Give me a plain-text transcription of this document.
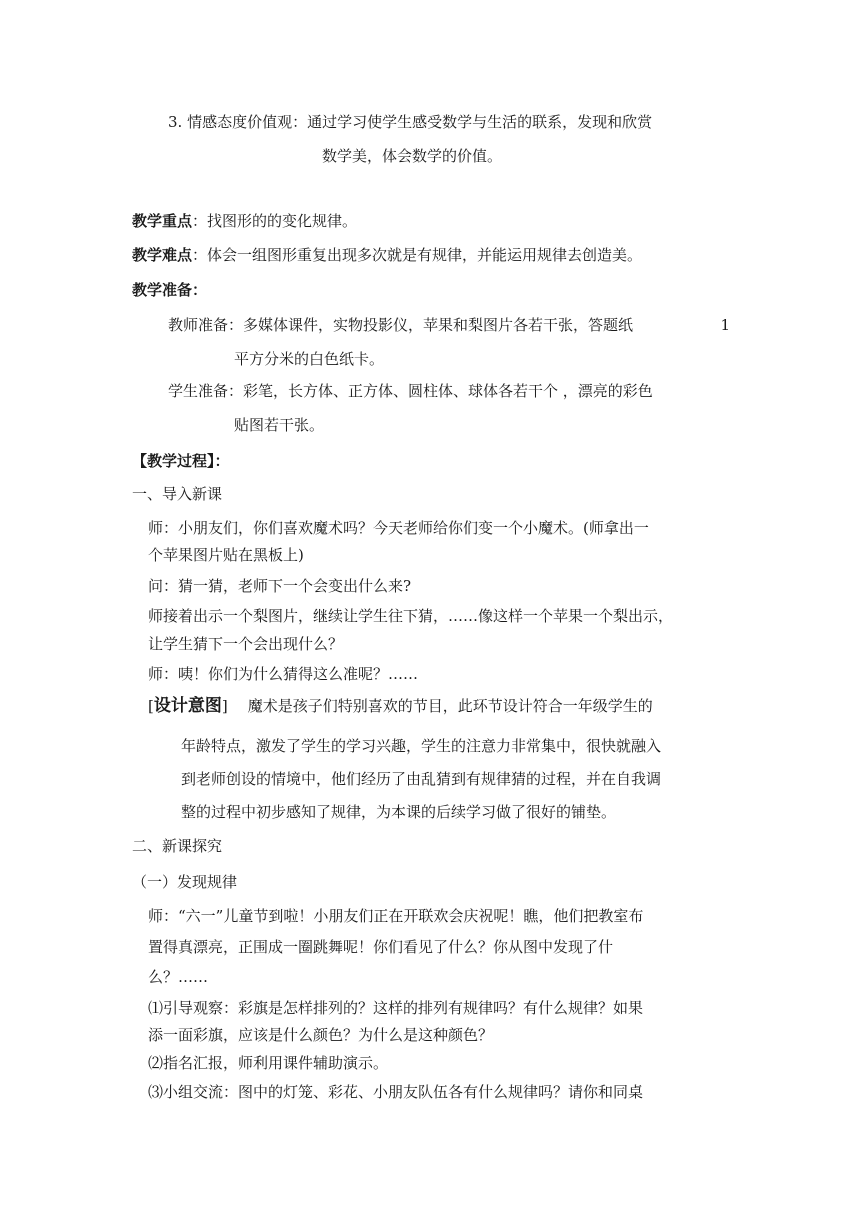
3. 情感态度价值观：通过学习使学生感受数学与生活的联系，发现和欣赏
数学美，体会数学的价值。
教学重点：找图形的的变化规律。
教学难点：体会一组图形重复出现多次就是有规律，并能运用规律去创造美。
教学准备：
教师准备：多媒体课件，实物投影仪，苹果和梨图片各若干张，答题纸	1
平方分米的白色纸卡。
学生准备：彩笔，长方体、正方体、圆柱体、球体各若干个 ，漂亮的彩色
贴图若干张。
【教学过程】：
一、导入新课
师：小朋友们，你们喜欢魔术吗？今天老师给你们变一个小魔术。(师拿出一
个苹果图片贴在黑板上)
问：猜一猜，老师下一个会变出什么来?
师接着出示一个梨图片，继续让学生往下猜，……像这样一个苹果一个梨出示，
让学生猜下一个会出现什么？
师：咦！你们为什么猜得这么准呢？……
[设计意图] 魔术是孩子们特别喜欢的节目，此环节设计符合一年级学生的
年龄特点，激发了学生的学习兴趣，学生的注意力非常集中，很快就融入
到老师创设的情境中，他们经历了由乱猜到有规律猜的过程，并在自我调
整的过程中初步感知了规律，为本课的后续学习做了很好的铺垫。
二、新课探究
（一）发现规律
师：“六一”儿童节到啦！小朋友们正在开联欢会庆祝呢！瞧，他们把教室布
置得真漂亮，正围成一圈跳舞呢！你们看见了什么？你从图中发现了什
么？……
⑴引导观察：彩旗是怎样排列的？这样的排列有规律吗？有什么规律？如果
添一面彩旗，应该是什么颜色？为什么是这种颜色？
⑵指名汇报，师利用课件辅助演示。
⑶小组交流：图中的灯笼、彩花、小朋友队伍各有什么规律吗？请你和同桌
